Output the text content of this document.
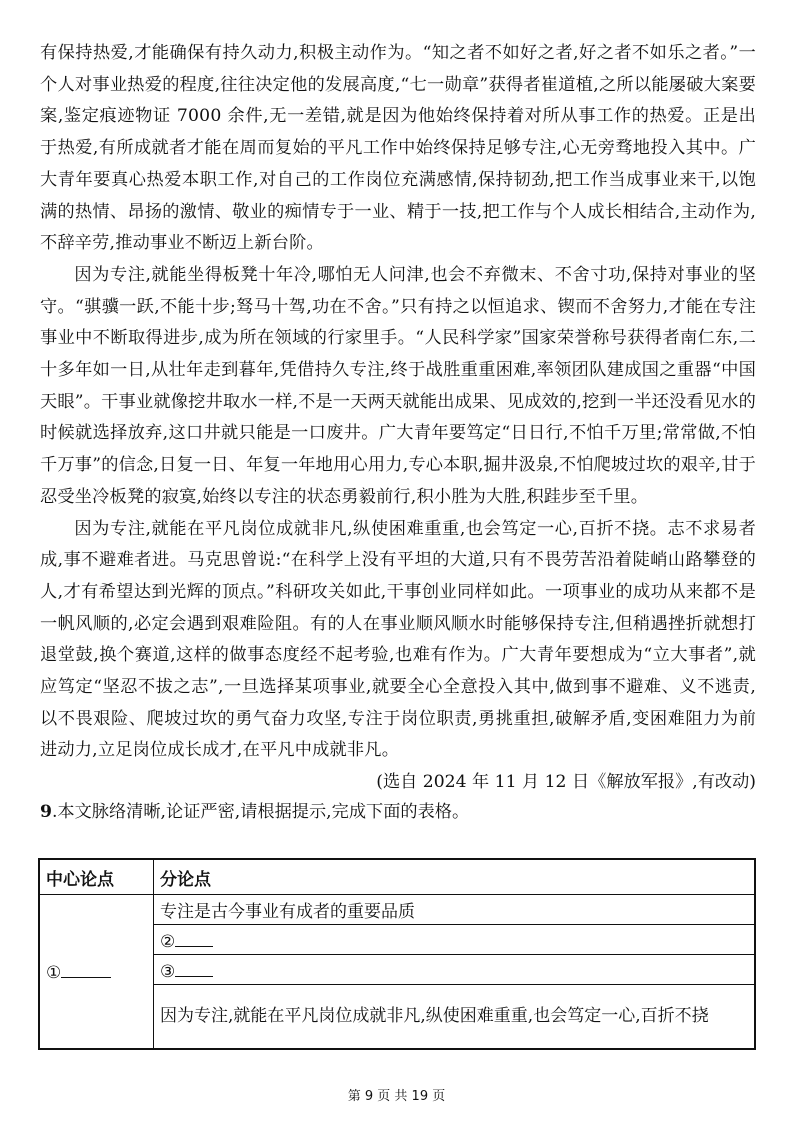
有保持热爱,才能确保有持久动力,积极主动作为。“知之者不如好之者,好之者不如乐之者。”一个人对事业热爱的程度,往往决定他的发展高度,“七一勋章”获得者崔道植,之所以能屡破大案要案,鉴定痕迹物证 7000 余件,无一差错,就是因为他始终保持着对所从事工作的热爱。正是出于热爱,有所成就者才能在周而复始的平凡工作中始终保持足够专注,心无旁骛地投入其中。广大青年要真心热爱本职工作,对自己的工作岗位充满感情,保持韧劲,把工作当成事业来干,以饱满的热情、昂扬的激情、敬业的痴情专于一业、精于一技,把工作与个人成长相结合,主动作为,不辞辛劳,推动事业不断迈上新台阶。

因为专注,就能坐得板凳十年冷,哪怕无人问津,也会不弃微末、不舍寸功,保持对事业的坚守。“骐骥一跃,不能十步;驽马十驾,功在不舍。”只有持之以恒追求、锲而不舍努力,才能在专注事业中不断取得进步,成为所在领域的行家里手。“人民科学家”国家荣誉称号获得者南仁东,二十多年如一日,从壮年走到暮年,凭借持久专注,终于战胜重重困难,率领团队建成国之重器“中国天眼”。干事业就像挖井取水一样,不是一天两天就能出成果、见成效的,挖到一半还没看见水的时候就选择放弃,这口井就只能是一口废井。广大青年要笃定“日日行,不怕千万里;常常做,不怕千万事”的信念,日复一日、年复一年地用心用力,专心本职,掘井汲泉,不怕爬坡过坎的艰辛,甘于忍受坐冷板凳的寂寞,始终以专注的状态勇毅前行,积小胜为大胜,积跬步至千里。

因为专注,就能在平凡岗位成就非凡,纵使困难重重,也会笃定一心,百折不挠。志不求易者成,事不避难者进。马克思曾说:“在科学上没有平坦的大道,只有不畏劳苦沿着陡峭山路攀登的人,才有希望达到光辉的顶点。”科研攻关如此,干事创业同样如此。一项事业的成功从来都不是一帆风顺的,必定会遇到艰难险阻。有的人在事业顺风顺水时能够保持专注,但稍遇挫折就想打退堂鼓,换个赛道,这样的做事态度经不起考验,也难有作为。广大青年要想成为“立大事者”,就应笃定“坚忍不拔之志”,一旦选择某项事业,就要全心全意投入其中,做到事不避难、义不逃责,以不畏艰险、爬坡过坎的勇气奋力攻坚,专注于岗位职责,勇挑重担,破解矛盾,变困难阻力为前进动力,立足岗位成长成才,在平凡中成就非凡。

(选自 2024 年 11 月 12 日《解放军报》,有改动)

9.本文脉络清晰,论证严密,请根据提示,完成下面的表格。

中心论点	分论点
①	专注是古今事业有成者的重要品质
	②
	③
	因为专注,就能在平凡岗位成就非凡,纵使困难重重,也会笃定一心,百折不挠
第 9 页 共 19 页
